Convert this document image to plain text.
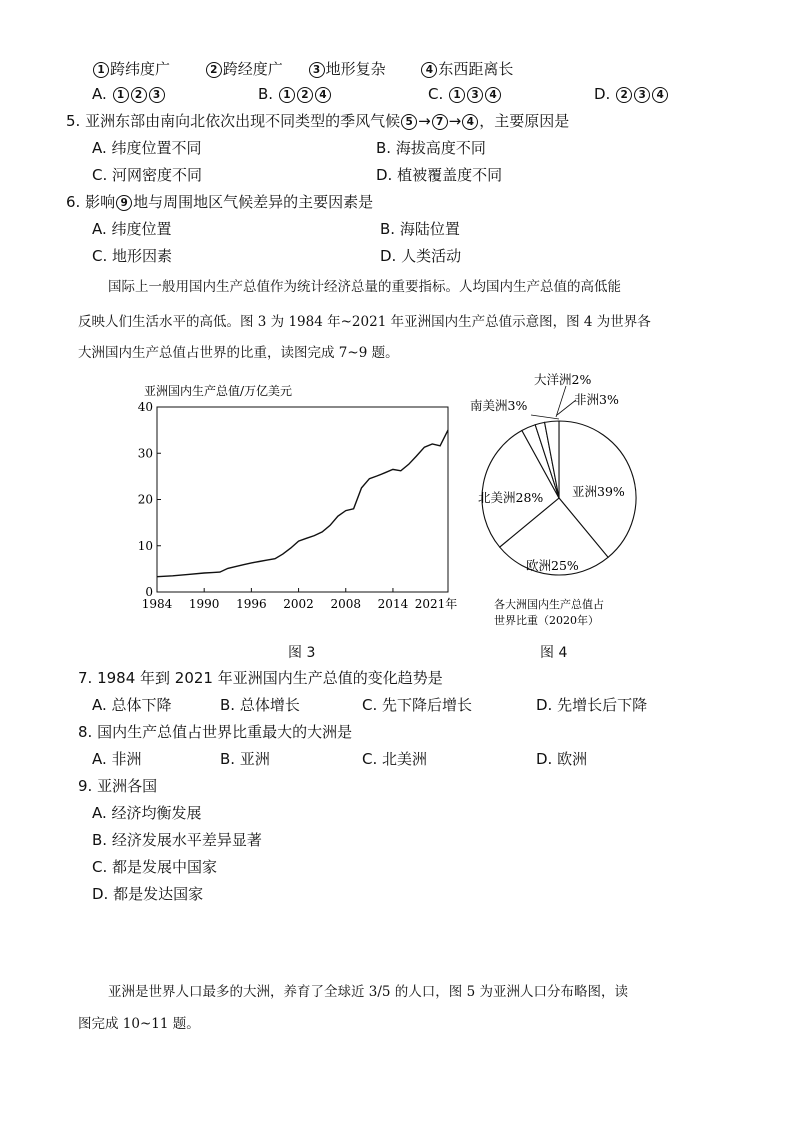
1 跨纬度广	2 跨经度广	3 地形复杂	4 东西距离长
A. 1 2 3	B. 1 2 4	C. 1 3 4	D. 2 3 4
5. 亚洲东部由南向北依次出现不同类型的季风气候 5 → 7 → 4 ，主要原因是
A. 纬度位置不同	B. 海拔高度不同
C. 河网密度不同	D. 植被覆盖度不同
6. 影响 9 地与周围地区气候差异的主要因素是
A. 纬度位置	B. 海陆位置
C. 地形因素	D. 人类活动
国际上一般用国内生产总值作为统计经济总量的重要指标。人均国内生产总值的高低能
反映人们生活水平的高低。图 3 为 1984 年~2021 年亚洲国内生产总值示意图，图 4 为世界各
大洲国内生产总值占世界的比重，读图完成 7~9 题。
亚洲国内生产总值/万亿美元
0
10
20
30
40
1984 1990 1996 2002 2008 2014 2021年
图 3
大洋洲2%
南美洲3%	非洲3%
北美洲28% 亚洲39%
欧洲25%
各大洲国内生产总值占
世界比重（2020年）
图 4
7. 1984 年到 2021 年亚洲国内生产总值的变化趋势是
A. 总体下降	B. 总体增长	C. 先下降后增长	D. 先增长后下降
8. 国内生产总值占世界比重最大的大洲是
A. 非洲	B. 亚洲	C. 北美洲	D. 欧洲
9. 亚洲各国
A. 经济均衡发展
B. 经济发展水平差异显著
C. 都是发展中国家
D. 都是发达国家
亚洲是世界人口最多的大洲，养育了全球近 3/5 的人口，图 5 为亚洲人口分布略图，读
图完成 10~11 题。
